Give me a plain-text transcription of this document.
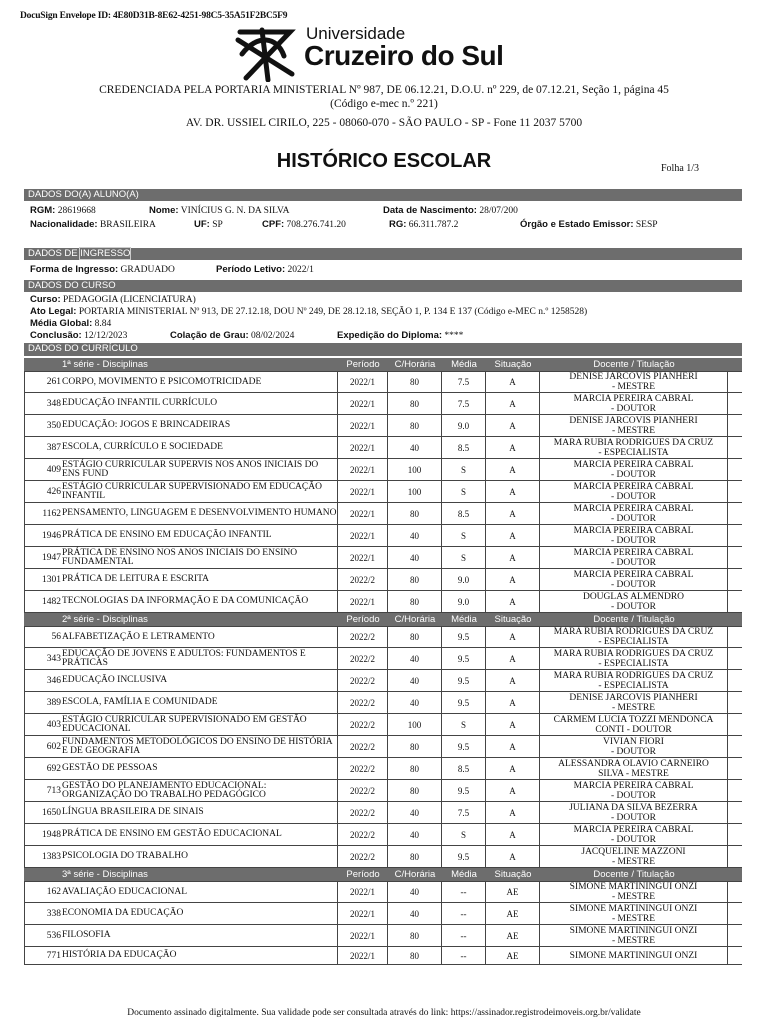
DocuSign Envelope ID: 4E80D31B-8E62-4251-98C5-35A51F2BC5F9
Universidade
Cruzeiro do Sul
CREDENCIADA PELA PORTARIA MINISTERIAL Nº 987, DE 06.12.21, D.O.U. nº 229, de 07.12.21, Seção 1, página 45
(Código e-mec n.º 221)
AV. DR. USSIEL CIRILO, 225 - 08060-070 - SÃO PAULO - SP - Fone 11 2037 5700
HISTÓRICO ESCOLAR	Folha 1/3
DADOS DO(A) ALUNO(A)
RGM: 28619668	Nome: VINÍCIUS G. N. DA SILVA	Data de Nascimento: 28/07/200
Nacionalidade: BRASILEIRA	UF: SP	CPF: 708.276.741.20	RG: 66.311.787.2	Órgão e Estado Emissor: SESP
DADOS DE INGRESSO
Forma de Ingresso: GRADUADO	Período Letivo: 2022/1
DADOS DO CURSO
Curso: PEDAGOGIA (LICENCIATURA)
Ato Legal: PORTARIA MINISTERIAL Nº 913, DE 27.12.18, DOU Nº 249, DE 28.12.18, SEÇÃO 1, P. 134 E 137 (Código e-MEC n.º 1258528)
Média Global: 8.84
Conclusão: 12/12/2023	Colação de Grau: 08/02/2024	Expedição do Diploma: ****
DADOS DO CURRÍCULO
1ª série - Disciplinas	Período	C/Horária	Média	Situação	Docente / Titulação
261 CORPO, MOVIMENTO E PSICOMOTRICIDADE	2022/1	80	7.5	A	DENISE JARCOVIS PIANHERI
- MESTRE
348 EDUCAÇÃO INFANTIL CURRÍCULO	2022/1	80	7.5	A	MARCIA PEREIRA CABRAL
- DOUTOR
350 EDUCAÇÃO: JOGOS E BRINCADEIRAS	2022/1	80	9.0	A	DENISE JARCOVIS PIANHERI
- MESTRE
387 ESCOLA, CURRÍCULO E SOCIEDADE	2022/1	40	8.5	A	MARA RUBIA RODRIGUES DA CRUZ
- ESPECIALISTA
409 ESTÁGIO CURRICULAR SUPERVIS NOS ANOS INICIAIS DO ENS FUND	2022/1	100	S	A	MARCIA PEREIRA CABRAL
- DOUTOR
426 ESTÁGIO CURRICULAR SUPERVISIONADO EM EDUCAÇÃO INFANTIL	2022/1	100	S	A	MARCIA PEREIRA CABRAL
- DOUTOR
1162 PENSAMENTO, LINGUAGEM E DESENVOLVIMENTO HUMANO	2022/1	80	8.5	A	MARCIA PEREIRA CABRAL
- DOUTOR
1946 PRÁTICA DE ENSINO EM EDUCAÇÃO INFANTIL	2022/1	40	S	A	MARCIA PEREIRA CABRAL
- DOUTOR
1947 PRÁTICA DE ENSINO NOS ANOS INICIAIS DO ENSINO FUNDAMENTAL	2022/1	40	S	A	MARCIA PEREIRA CABRAL
- DOUTOR
1301 PRÁTICA DE LEITURA E ESCRITA	2022/2	80	9.0	A	MARCIA PEREIRA CABRAL
- DOUTOR
1482 TECNOLOGIAS DA INFORMAÇÃO E DA COMUNICAÇÃO	2022/1	80	9.0	A	DOUGLAS ALMENDRO
- DOUTOR
2ª série - Disciplinas	Período	C/Horária	Média	Situação	Docente / Titulação
56 ALFABETIZAÇÃO E LETRAMENTO	2022/2	80	9.5	A	MARA RUBIA RODRIGUES DA CRUZ
- ESPECIALISTA
343 EDUCAÇÃO DE JOVENS E ADULTOS: FUNDAMENTOS E PRÁTICAS	2022/2	40	9.5	A	MARA RUBIA RODRIGUES DA CRUZ
- ESPECIALISTA
346 EDUCAÇÃO INCLUSIVA	2022/2	40	9.5	A	MARA RUBIA RODRIGUES DA CRUZ
- ESPECIALISTA
389 ESCOLA, FAMÍLIA E COMUNIDADE	2022/2	40	9.5	A	DENISE JARCOVIS PIANHERI
- MESTRE
403 ESTÁGIO CURRICULAR SUPERVISIONADO EM GESTÃO EDUCACIONAL	2022/2	100	S	A	CARMEM LUCIA TOZZI MENDONCA
CONTI - DOUTOR
602 FUNDAMENTOS METODOLÓGICOS DO ENSINO DE HISTÓRIA E DE GEOGRAFIA	2022/2	80	9.5	A	VIVIAN FIORI
- DOUTOR
692 GESTÃO DE PESSOAS	2022/2	80	8.5	A	ALESSANDRA OLAVIO CARNEIRO
SILVA - MESTRE
713 GESTÃO DO PLANEJAMENTO EDUCACIONAL: ORGANIZAÇÃO DO TRABALHO PEDAGÓGICO	2022/2	80	9.5	A	MARCIA PEREIRA CABRAL
- DOUTOR
1650 LÍNGUA BRASILEIRA DE SINAIS	2022/2	40	7.5	A	JULIANA DA SILVA BEZERRA
- DOUTOR
1948 PRÁTICA DE ENSINO EM GESTÃO EDUCACIONAL	2022/2	40	S	A	MARCIA PEREIRA CABRAL
- DOUTOR
1383 PSICOLOGIA DO TRABALHO	2022/2	80	9.5	A	JACQUELINE MAZZONI
- MESTRE
3ª série - Disciplinas	Período	C/Horária	Média	Situação	Docente / Titulação
162 AVALIAÇÃO EDUCACIONAL	2022/1	40	--	AE	SIMONE MARTININGUI ONZI
- MESTRE
338 ECONOMIA DA EDUCAÇÃO	2022/1	40	--	AE	SIMONE MARTININGUI ONZI
- MESTRE
536 FILOSOFIA	2022/1	80	--	AE	SIMONE MARTININGUI ONZI
- MESTRE
771 HISTÓRIA DA EDUCAÇÃO	2022/1	80	--	AE	SIMONE MARTININGUI ONZI
Documento assinado digitalmente. Sua validade pode ser consultada através do link: https://assinador.registrodeimoveis.org.br/validate
